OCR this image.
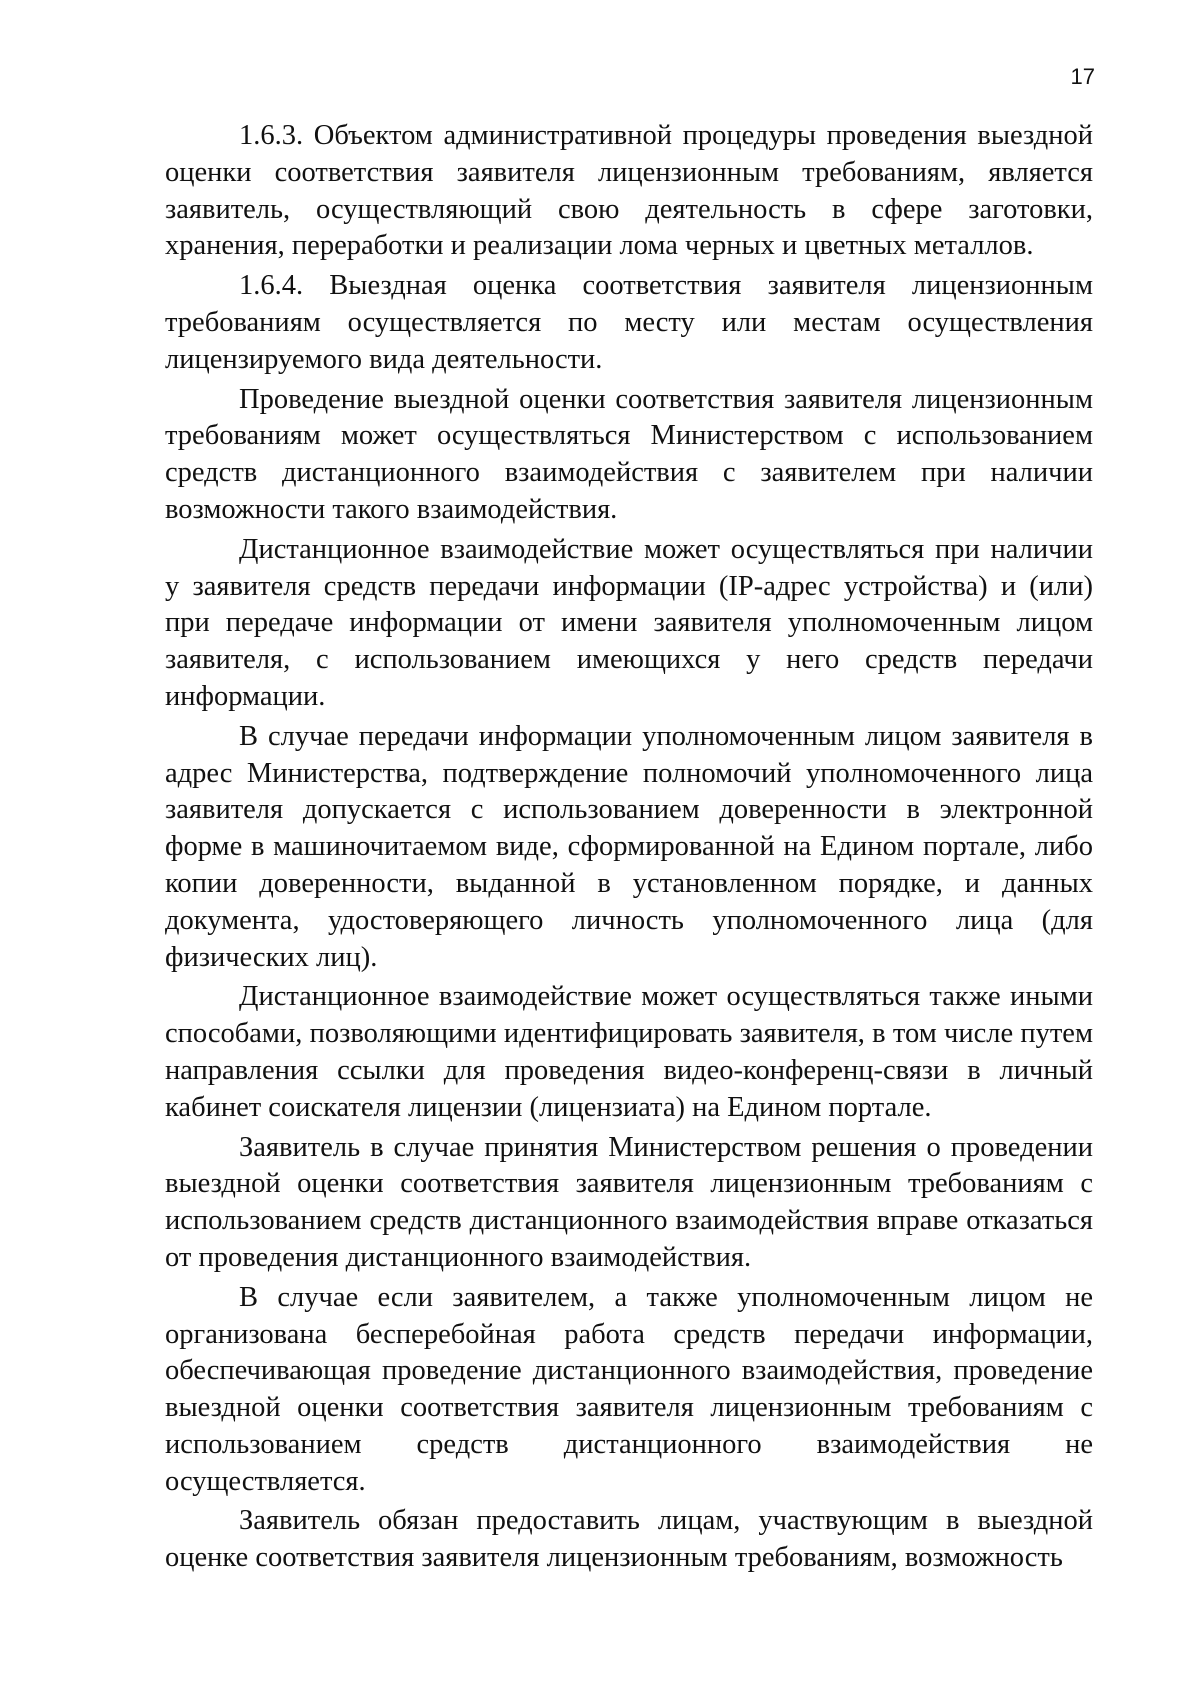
17

1.6.3. Объектом административной процедуры проведения выездной оценки соответствия заявителя лицензионным требованиям, является заявитель, осуществляющий свою деятельность в сфере заготовки, хранения, переработки и реализации лома черных и цветных металлов.

1.6.4. Выездная оценка соответствия заявителя лицензионным требованиям осуществляется по месту или местам осуществления лицензируемого вида деятельности.

Проведение выездной оценки соответствия заявителя лицензионным требованиям может осуществляться Министерством с использованием средств дистанционного взаимодействия с заявителем при наличии возможности такого взаимодействия.

Дистанционное взаимодействие может осуществляться при наличии у заявителя средств передачи информации (IP-адрес устройства) и (или) при передаче информации от имени заявителя уполномоченным лицом заявителя, с использованием имеющихся у него средств передачи информации.

В случае передачи информации уполномоченным лицом заявителя в адрес Министерства, подтверждение полномочий уполномоченного лица заявителя допускается с использованием доверенности в электронной форме в машиночитаемом виде, сформированной на Едином портале, либо копии доверенности, выданной в установленном порядке, и данных документа, удостоверяющего личность уполномоченного лица (для физических лиц).

Дистанционное взаимодействие может осуществляться также иными способами, позволяющими идентифицировать заявителя, в том числе путем направления ссылки для проведения видео-конференц-связи в личный кабинет соискателя лицензии (лицензиата) на Едином портале.

Заявитель в случае принятия Министерством решения о проведении выездной оценки соответствия заявителя лицензионным требованиям с использованием средств дистанционного взаимодействия вправе отказаться от проведения дистанционного взаимодействия.

В случае если заявителем, а также уполномоченным лицом не организована бесперебойная работа средств передачи информации, обеспечивающая проведение дистанционного взаимодействия, проведение выездной оценки соответствия заявителя лицензионным требованиям с использованием средств дистанционного взаимодействия не осуществляется.

Заявитель обязан предоставить лицам, участвующим в выездной оценке соответствия заявителя лицензионным требованиям, возможность
